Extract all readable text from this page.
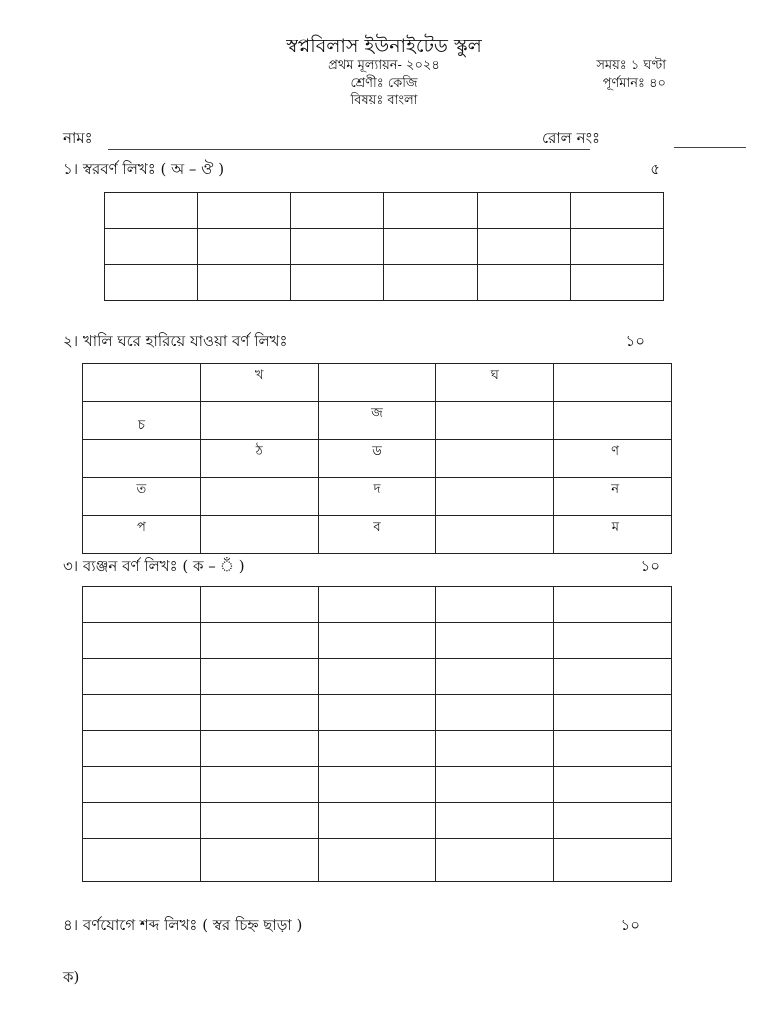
স্বপ্নবিলাস ইউনাইটেড স্কুল
প্রথম মূল্যায়ন- ২০২৪
শ্রেণীঃ কেজি
বিষয়ঃ বাংলা
সময়ঃ ১ ঘণ্টা
পূর্ণমানঃ ৪০
নামঃ	রোল নংঃ
১। স্বরবর্ণ লিখঃ ( অ – ঔ )	৫

২। খালি ঘরে হারিয়ে যাওয়া বর্ণ লিখঃ	১০
	খ		ঘ	
চ		জ		
	ঠ	ড		ণ
ত		দ		ন
প		ব		ম
৩। ব্যঞ্জন বর্ণ লিখঃ ( ক – ঁ )	১০

৪। বর্ণযোগে শব্দ লিখঃ ( স্বর চিহ্ন ছাড়া )	১০
ক)
